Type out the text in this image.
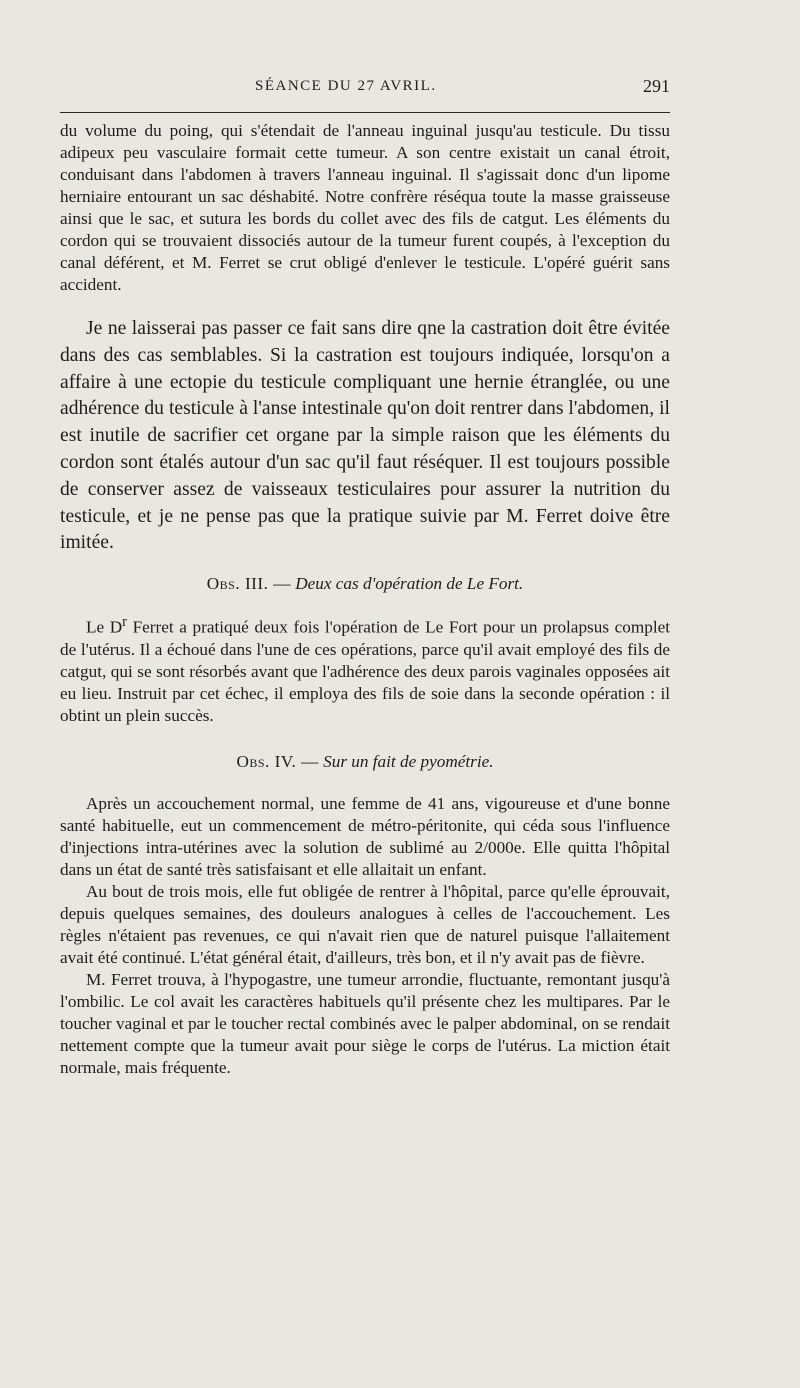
SÉANCE DU 27 AVRIL.	291

du volume du poing, qui s'étendait de l'anneau inguinal jusqu'au testicule. Du tissu adipeux peu vasculaire formait cette tumeur. A son centre existait un canal étroit, conduisant dans l'abdomen à travers l'anneau inguinal. Il s'agissait donc d'un lipome herniaire entourant un sac déshabité. Notre confrère réséqua toute la masse graisseuse ainsi que le sac, et sutura les bords du collet avec des fils de catgut. Les éléments du cordon qui se trouvaient dissociés autour de la tumeur furent coupés, à l'exception du canal déférent, et M. Ferret se crut obligé d'enlever le testicule. L'opéré guérit sans accident.

Je ne laisserai pas passer ce fait sans dire qne la castration doit être évitée dans des cas semblables. Si la castration est toujours indiquée, lorsqu'on a affaire à une ectopie du testicule compliquant une hernie étranglée, ou une adhérence du testicule à l'anse intestinale qu'on doit rentrer dans l'abdomen, il est inutile de sacrifier cet organe par la simple raison que les éléments du cordon sont étalés autour d'un sac qu'il faut réséquer. Il est toujours possible de conserver assez de vaisseaux testiculaires pour assurer la nutrition du testicule, et je ne pense pas que la pratique suivie par M. Ferret doive être imitée.

Obs. III. — Deux cas d'opération de Le Fort.

Le $D^r$ Ferret a pratiqué deux fois l'opération de Le Fort pour un prolapsus complet de l'utérus. Il a échoué dans l'une de ces opérations, parce qu'il avait employé des fils de catgut, qui se sont résorbés avant que l'adhérence des deux parois vaginales opposées ait eu lieu. Instruit par cet échec, il employa des fils de soie dans la seconde opération : il obtint un plein succès.

Obs. IV. — Sur un fait de pyométrie.

Après un accouchement normal, une femme de 41 ans, vigoureuse et d'une bonne santé habituelle, eut un commencement de métro-péritonite, qui céda sous l'influence d'injections intra-utérines avec la solution de sublimé au 2/000e. Elle quitta l'hôpital dans un état de santé très satisfaisant et elle allaitait un enfant.

Au bout de trois mois, elle fut obligée de rentrer à l'hôpital, parce qu'elle éprouvait, depuis quelques semaines, des douleurs analogues à celles de l'accouchement. Les règles n'étaient pas revenues, ce qui n'avait rien que de naturel puisque l'allaitement avait été continué. L'état général était, d'ailleurs, très bon, et il n'y avait pas de fièvre.

M. Ferret trouva, à l'hypogastre, une tumeur arrondie, fluctuante, remontant jusqu'à l'ombilic. Le col avait les caractères habituels qu'il présente chez les multipares. Par le toucher vaginal et par le toucher rectal combinés avec le palper abdominal, on se rendait nettement compte que la tumeur avait pour siège le corps de l'utérus. La miction était normale, mais fréquente.
